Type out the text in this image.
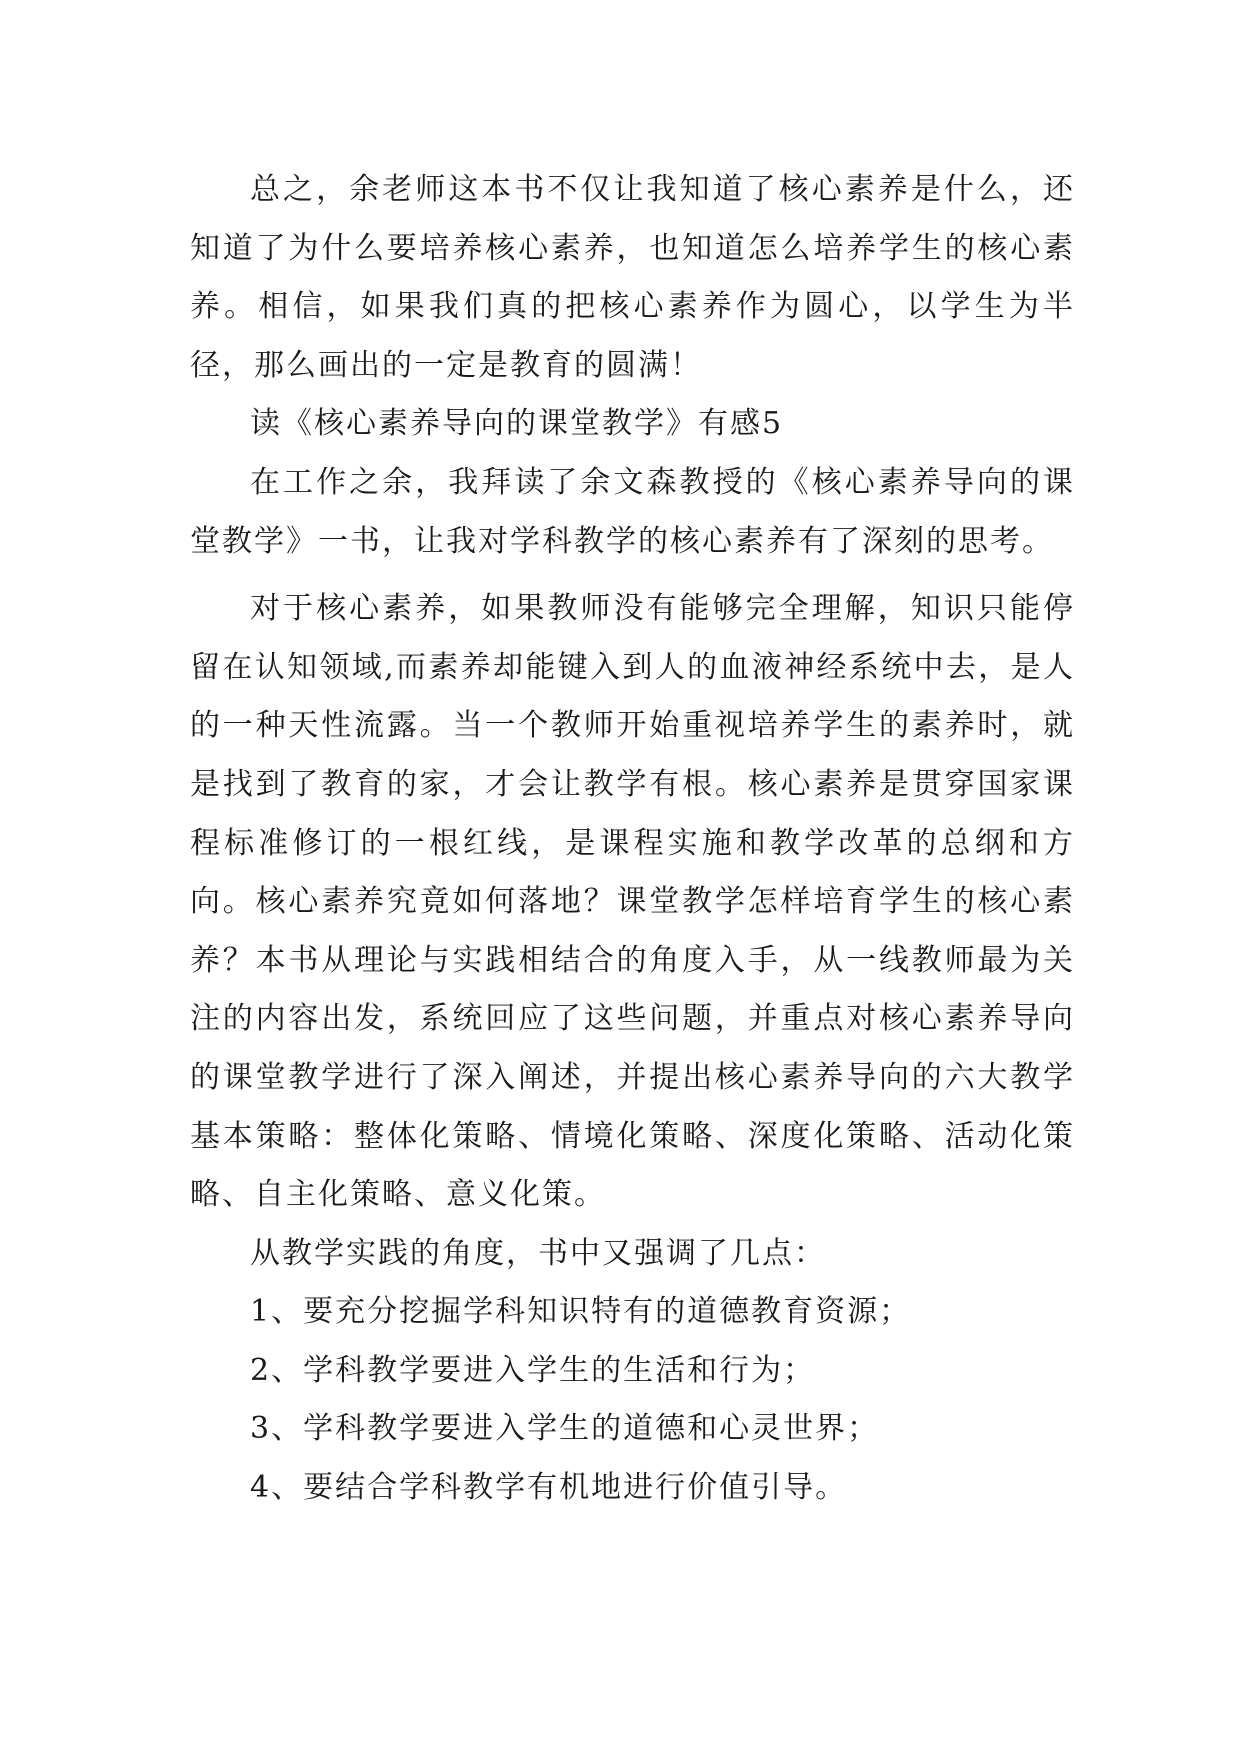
总之，余老师这本书不仅让我知道了核心素养是什么，还知道了为什么要培养核心素养，也知道怎么培养学生的核心素养。相信，如果我们真的把核心素养作为圆心，以学生为半径，那么画出的一定是教育的圆满！

读《核心素养导向的课堂教学》有感5

在工作之余，我拜读了余文森教授的《核心素养导向的课堂教学》一书，让我对学科教学的核心素养有了深刻的思考。

对于核心素养，如果教师没有能够完全理解，知识只能停留在认知领域,而素养却能键入到人的血液神经系统中去，是人的一种天性流露。当一个教师开始重视培养学生的素养时，就是找到了教育的家，才会让教学有根。核心素养是贯穿国家课程标准修订的一根红线，是课程实施和教学改革的总纲和方向。核心素养究竟如何落地？课堂教学怎样培育学生的核心素养？本书从理论与实践相结合的角度入手，从一线教师最为关注的内容出发，系统回应了这些问题，并重点对核心素养导向的课堂教学进行了深入阐述，并提出核心素养导向的六大教学基本策略：整体化策略、情境化策略、深度化策略、活动化策略、自主化策略、意义化策。

从教学实践的角度，书中又强调了几点：

1、要充分挖掘学科知识特有的道德教育资源；

2、学科教学要进入学生的生活和行为；

3、学科教学要进入学生的道德和心灵世界；

4、要结合学科教学有机地进行价值引导。
